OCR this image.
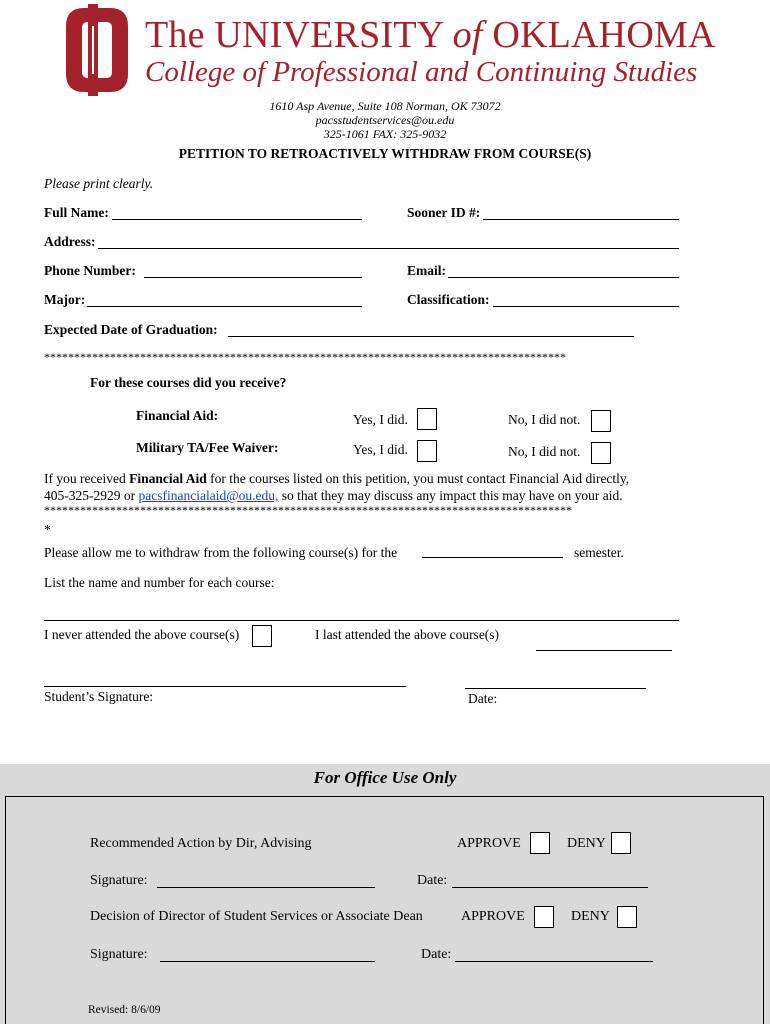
The UNIVERSITY of OKLAHOMA
College of Professional and Continuing Studies
1610 Asp Avenue, Suite 108 Norman, OK 73072
pacsstudentservices@ou.edu
325-1061 FAX: 325-9032
PETITION TO RETROACTIVELY WITHDRAW FROM COURSE(S)
Please print clearly.
Full Name:	Sooner ID #:
Address:
Phone Number:	Email:
Major:	Classification:
Expected Date of Graduation:
***************************************************************************************
For these courses did you receive?
Financial Aid:	Yes, I did.	No, I did not.
Military TA/Fee Waiver:	Yes, I did.	No, I did not.
If you received Financial Aid for the courses listed on this petition, you must contact Financial Aid directly,
405-325-2929 or pacsfinancialaid@ou.edu, so that they may discuss any impact this may have on your aid.
****************************************************************************************
*
Please allow me to withdraw from the following course(s) for the	semester.
List the name and number for each course:
I never attended the above course(s)	I last attended the above course(s)
Student’s Signature:	Date:
For Office Use Only
Recommended Action by Dir, Advising	APPROVE	DENY
Signature:	Date:
Decision of Director of Student Services or Associate Dean	APPROVE	DENY
Signature:	Date:
Revised: 8/6/09
